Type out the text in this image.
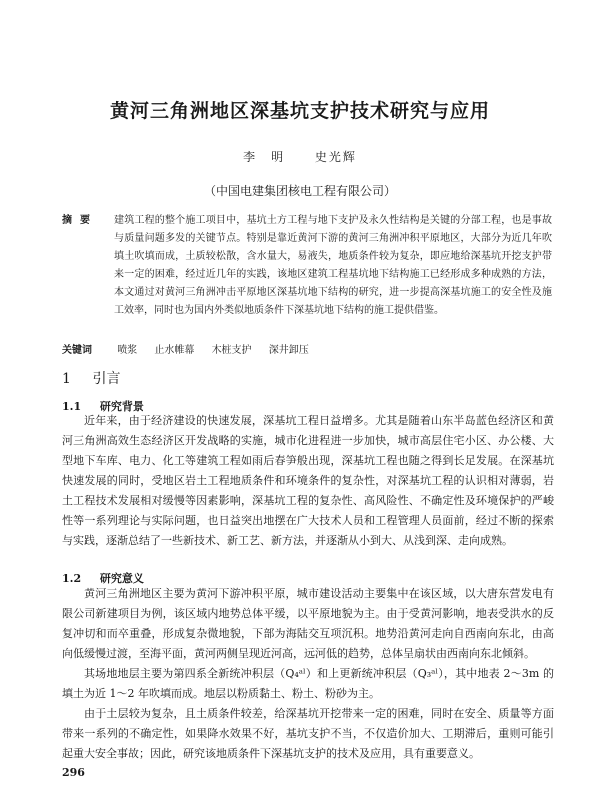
黄河三角洲地区深基坑支护技术研究与应用
李　明 史光辉
（中国电建集团核电工程有限公司）
摘要	建筑工程的整个施工项目中，基坑土方工程与地下支护及永久性结构是关键的分部工程，也是事故与质量问题多发的关键节点。特别是靠近黄河下游的黄河三角洲冲积平原地区，大部分为近几年吹填土吹填而成，土质较松散，含水量大，易液失，地质条件较为复杂，即应地给深基坑开挖支护带来一定的困难，经过近几年的实践，该地区建筑工程基坑地下结构施工已经形成多种成熟的方法，本文通过对黄河三角洲冲击平原地区深基坑地下结构的研究，进一步提高深基坑施工的安全性及施工效率，同时也为国内外类似地质条件下深基坑地下结构的施工提供借鉴。
关键词	喷浆 止水帷幕 木桩支护 深井卸压
1 引言
1.1 研究背景
近年来，由于经济建设的快速发展，深基坑工程日益增多。尤其是随着山东半岛蓝色经济区和黄河三角洲高效生态经济区开发战略的实施，城市化进程进一步加快，城市高层住宅小区、办公楼、大型地下车库、电力、化工等建筑工程如雨后春笋般出现，深基坑工程也随之得到长足发展。在深基坑快速发展的同时，受地区岩土工程地质条件和环境条件的复杂性，对深基坑工程的认识相对薄弱，岩土工程技术发展相对缓慢等因素影响，深基坑工程的复杂性、高风险性、不确定性及环境保护的严峻性等一系列理论与实际问题，也日益突出地摆在广大技术人员和工程管理人员面前，经过不断的探索与实践，逐渐总结了一些新技术、新工艺、新方法，并逐渐从小到大、从浅到深、走向成熟。
1.2 研究意义
黄河三角洲地区主要为黄河下游冲积平原，城市建设活动主要集中在该区域，以大唐东营发电有限公司新建项目为例，该区域内地势总体平缓，以平原地貌为主。由于受黄河影响，地表受洪水的反复冲切和而卒重叠，形成复杂微地貌，下部为海陆交互项沉积。地势沿黄河走向自西南向东北，由高向低缓慢过渡，至海平面，黄河两侧呈现近河高，远河低的趋势，总体呈扇状由西南向东北倾斜。
其场地地层主要为第四系全新统冲积层（Q₄ᵃˡ）和上更新统冲积层（Q₃ᵃˡ），其中地表 2～3m 的填土为近 1～2 年吹填而成。地层以粉质黏土、粉土、粉砂为主。
由于土层较为复杂，且土质条件较差，给深基坑开挖带来一定的困难，同时在安全、质量等方面带来一系列的不确定性，如果降水效果不好，基坑支护不当，不仅造价加大、工期滞后，重则可能引起重大安全事故；因此，研究该地质条件下深基坑支护的技术及应用，具有重要意义。
296
